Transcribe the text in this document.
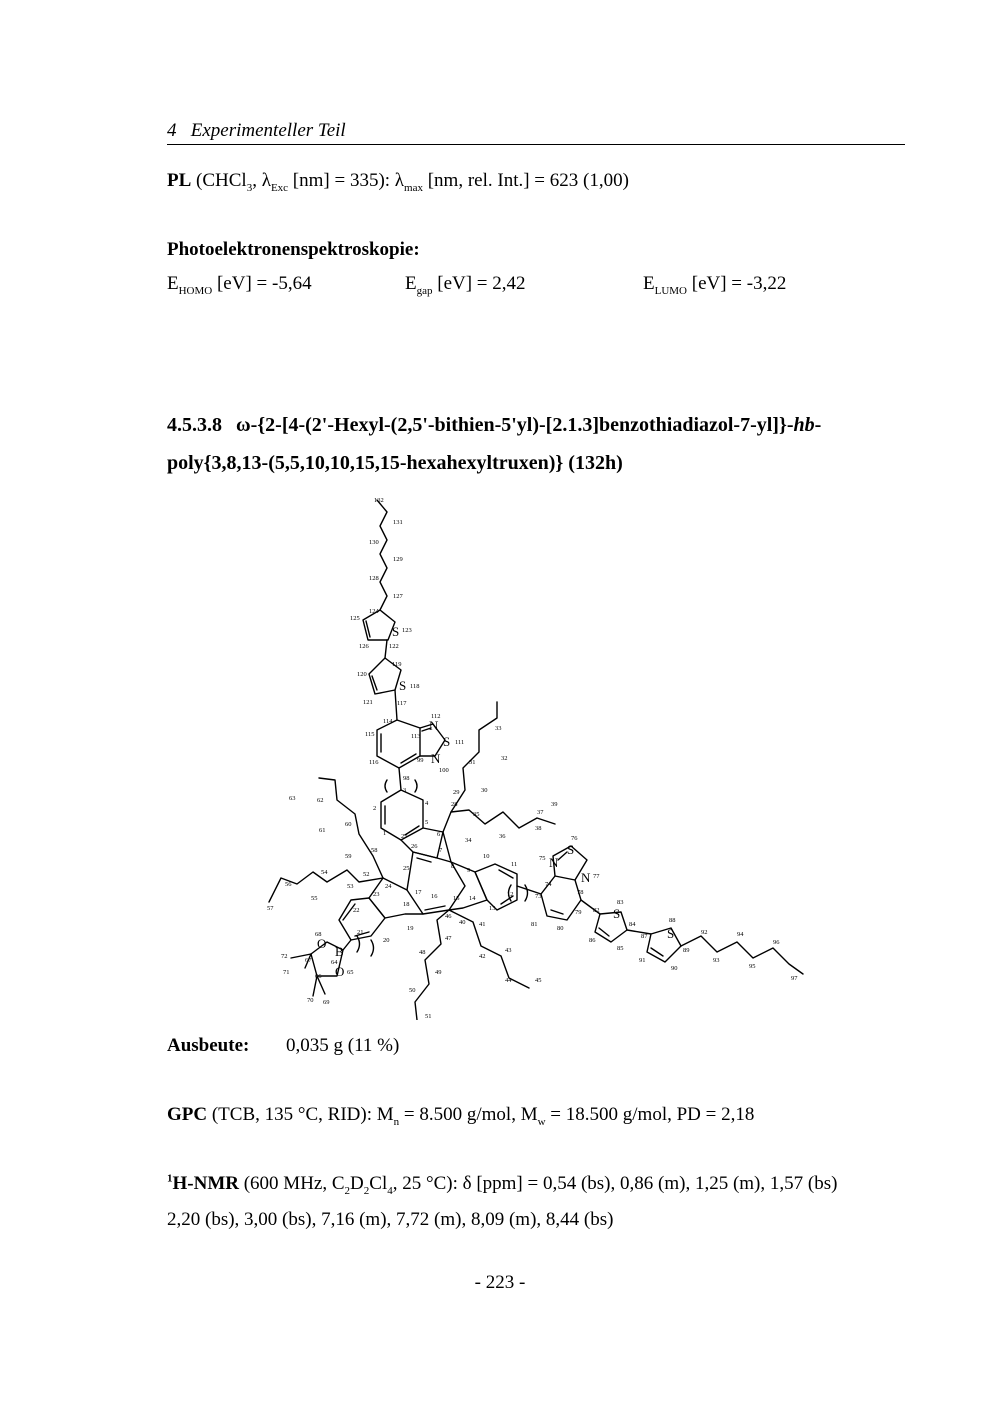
4   Experimenteller Teil
PL (CHCl$_3$, $\lambda_{Exc}$ [nm] = 335): $\lambda_{max}$ [nm, rel. Int.] = 623 (1,00)
Photoelektronenspektroskopie:
$E_{HOMO}$ [eV] = -5,64	$E_{gap}$ [eV] = 2,42	$E_{LUMO}$ [eV] = -3,22
4.5.3.8 ω-{2-[4-(2'-Hexyl-(2,5'-bithien-5'yl)-[2.1.3]benzothiadiazol-7-yl]}-hb-
poly{3,8,13-(5,5,10,10,15,15-hexahexyltruxen)} (132h)
S
S
N
S
N
N
S
N
S
S
B
O
O
132
131
130
129
128
127
124
125
123
126	122
119
120
118
121	117
114
112
113
115
111
99
116
100
98
3
4
2
1
5
6
27
28
29	30
31
32
33
34
35
36
37
38
39
26
7
8
9
10
11
12
13
14
15
16
17
25
24
18
23
22
19
21
20
52
53
54
55
56
57
58
59
60
61
62
63
46
40 41
47
48
42
43
49
44	45
50
51
73
74
75
76
77
78
79
80
81
82
83
84
85
86
87
88
89
90
91
92
93
94
95
96
97
68
64
65
67
66
72
71
70 69
Ausbeute: 0,035 g (11 %)
GPC (TCB, 135 °C, RID): $M_n = 8.500$ g/mol, $M_w = 18.500$ g/mol, PD = 2,18
$^1$H-NMR (600 MHz, $C_2D_2Cl_4$, 25 °C): δ [ppm] = 0,54 (bs), 0,86 (m), 1,25 (m), 1,57 (bs)
2,20 (bs), 3,00 (bs), 7,16 (m), 7,72 (m), 8,09 (m), 8,44 (bs)
- 223 -
